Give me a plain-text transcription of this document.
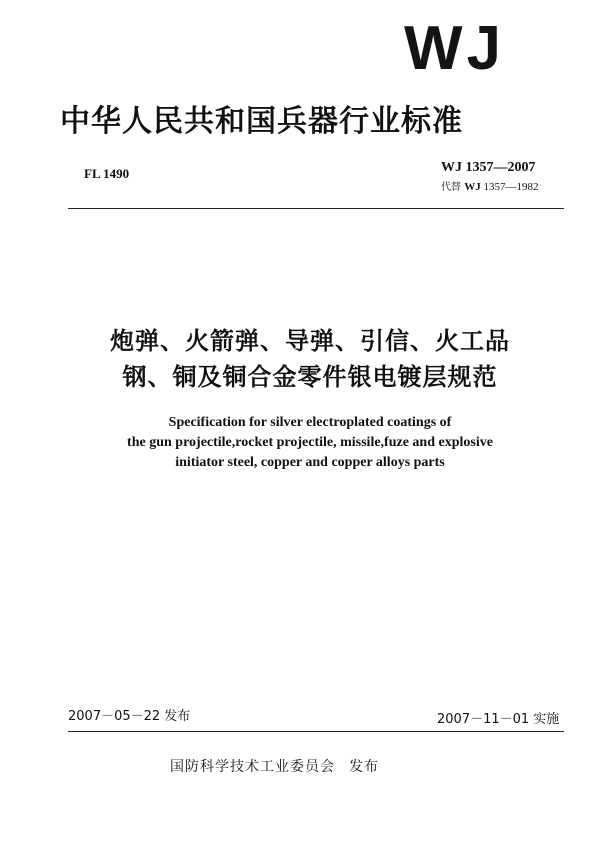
WJ
中华人民共和国兵器行业标准
FL 1490	WJ 1357—2007
代替 WJ 1357—1982
炮弹、火箭弹、导弹、引信、火工品
钢、铜及铜合金零件银电镀层规范
Specification for silver electroplated coatings of
the gun projectile,rocket projectile, missile,fuze and explosive
initiator steel, copper and copper alloys parts
2007－05－22 发布	2007－11－01 实施
国防科学技术工业委员会 发布
